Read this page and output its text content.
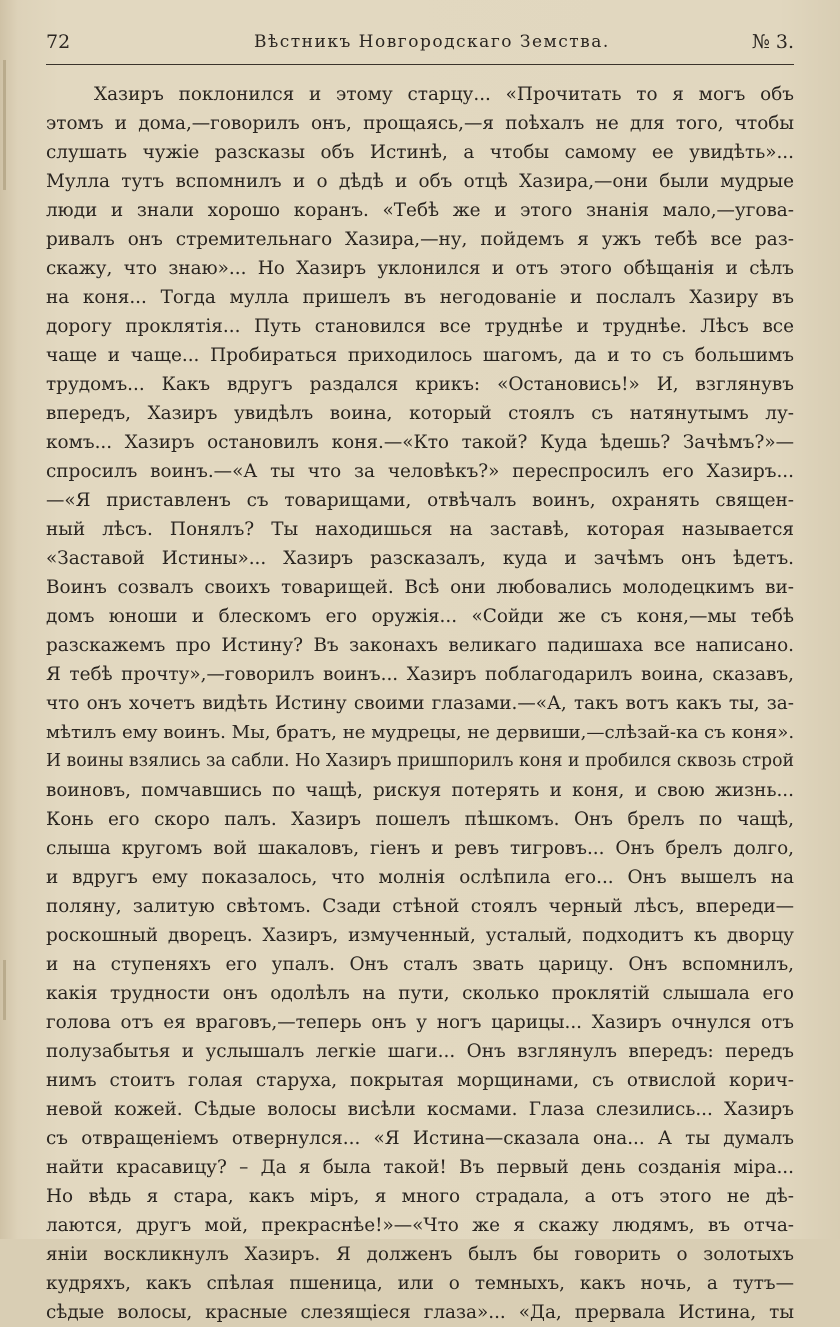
72	Вѣстникъ Новгородскаго Земства.	№ 3.
Хазиръ поклонился и этому старцу... «Прочитать то я могъ объ
этомъ и дома,—говорилъ онъ, прощаясь,—я поѣхалъ не для того, чтобы
слушать чужіе разсказы объ Истинѣ, а чтобы самому ее увидѣть»...
Мулла тутъ вспомнилъ и о дѣдѣ и объ отцѣ Хазира,—они были мудрые
люди и знали хорошо коранъ. «Тебѣ же и этого знанія мало,—угова-
ривалъ онъ стремительнаго Хазира,—ну, пойдемъ я ужъ тебѣ все раз-
скажу, что знаю»... Но Хазиръ уклонился и отъ этого обѣщанія и сѣлъ
на коня... Тогда мулла пришелъ въ негодованіе и послалъ Хазиру въ
дорогу проклятія... Путь становился все труднѣе и труднѣе. Лѣсъ все
чаще и чаще... Пробираться приходилось шагомъ, да и то съ большимъ
трудомъ... Какъ вдругъ раздался крикъ: «Остановись!» И, взглянувъ
впередъ, Хазиръ увидѣлъ воина, который стоялъ съ натянутымъ лу-
комъ... Хазиръ остановилъ коня.—«Кто такой? Куда ѣдешь? Зачѣмъ?»—
спросилъ воинъ.—«А ты что за человѣкъ?» переспросилъ его Хазиръ...
—«Я приставленъ съ товарищами, отвѣчалъ воинъ, охранять священ-
ный лѣсъ. Понялъ? Ты находишься на заставѣ, которая называется
«Заставой Истины»... Хазиръ разсказалъ, куда и зачѣмъ онъ ѣдетъ.
Воинъ созвалъ своихъ товарищей. Всѣ они любовались молодецкимъ ви-
домъ юноши и блескомъ его оружія... «Сойди же съ коня,—мы тебѣ
разскажемъ про Истину? Въ законахъ великаго падишаха все написано.
Я тебѣ прочту»,—говорилъ воинъ... Хазиръ поблагодарилъ воина, сказавъ,
что онъ хочетъ видѣть Истину своими глазами.—«А, такъ вотъ какъ ты, за-
мѣтилъ ему воинъ. Мы, братъ, не мудрецы, не дервиши,—слѣзай-ка съ коня».
И воины взялись за сабли. Но Хазиръ пришпорилъ коня и пробился сквозь строй
воиновъ, помчавшись по чащѣ, рискуя потерять и коня, и свою жизнь...
Конь его скоро палъ. Хазиръ пошелъ пѣшкомъ. Онъ брелъ по чащѣ,
слыша кругомъ вой шакаловъ, гіенъ и ревъ тигровъ... Онъ брелъ долго,
и вдругъ ему показалось, что молнія ослѣпила его... Онъ вышелъ на
поляну, залитую свѣтомъ. Сзади стѣной стоялъ черный лѣсъ, впереди—
роскошный дворецъ. Хазиръ, измученный, усталый, подходитъ къ дворцу
и на ступеняхъ его упалъ. Онъ сталъ звать царицу. Онъ вспомнилъ,
какія трудности онъ одолѣлъ на пути, сколько проклятій слышала его
голова отъ ея враговъ,—теперь онъ у ногъ царицы... Хазиръ очнулся отъ
полузабытья и услышалъ легкіе шаги... Онъ взглянулъ впередъ: передъ
нимъ стоитъ голая старуха, покрытая морщинами, съ отвислой корич-
невой кожей. Сѣдые волосы висѣли космами. Глаза слезились... Хазиръ
съ отвращеніемъ отвернулся... «Я Истина—сказала она... А ты думалъ
найти красавицу? – Да я была такой! Въ первый день созданія міра...
Но вѣдь я стара, какъ міръ, я много страдала, а отъ этого не дѣ-
лаются, другъ мой, прекраснѣе!»—«Что же я скажу людямъ, въ отча-
яніи воскликнулъ Хазиръ. Я долженъ былъ бы говорить о золотыхъ
кудряхъ, какъ спѣлая пшеница, или о темныхъ, какъ ночь, а тутъ—
сѣдые волосы, красные слезящіеся глаза»... «Да, прервала Истина, ты
